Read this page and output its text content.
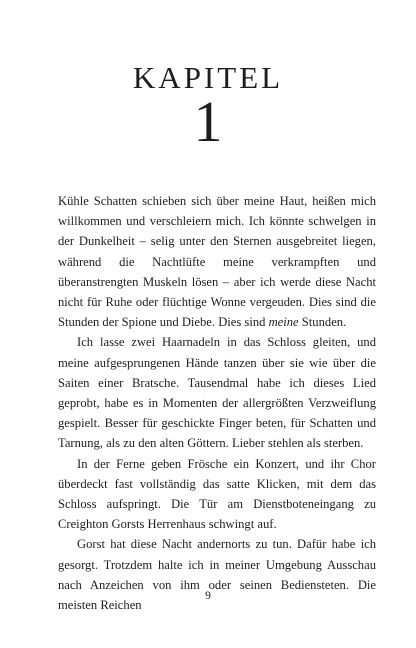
KAPITEL
1

Kühle Schatten schieben sich über meine Haut, heißen mich willkommen und verschleiern mich. Ich könnte schwelgen in der Dunkelheit – selig unter den Sternen ausgebreitet liegen, während die Nachtlüfte meine verkrampften und überanstrengten Muskeln lösen – aber ich werde diese Nacht nicht für Ruhe oder flüchtige Wonne vergeuden. Dies sind die Stunden der Spione und Diebe. Dies sind meine Stunden.

Ich lasse zwei Haarnadeln in das Schloss gleiten, und meine aufgesprungenen Hände tanzen über sie wie über die Saiten einer Bratsche. Tausendmal habe ich dieses Lied geprobt, habe es in Momenten der allergrößten Verzweiflung gespielt. Besser für geschickte Finger beten, für Schatten und Tarnung, als zu den alten Göttern. Lieber stehlen als sterben.

In der Ferne geben Frösche ein Konzert, und ihr Chor überdeckt fast vollständig das satte Klicken, mit dem das Schloss aufspringt. Die Tür am Dienstboteneingang zu Creighton Gorsts Herrenhaus schwingt auf.

Gorst hat diese Nacht andernorts zu tun. Dafür habe ich gesorgt. Trotzdem halte ich in meiner Umgebung Ausschau nach Anzeichen von ihm oder seinen Bediensteten. Die meisten Reichen

9
